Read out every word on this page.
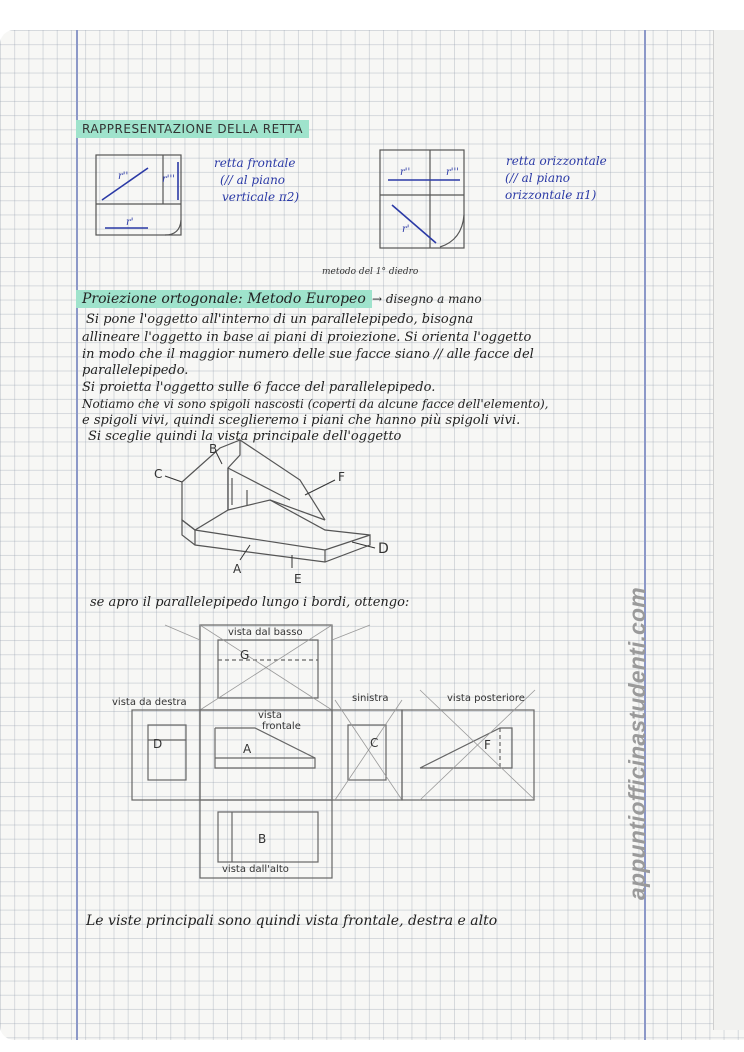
RAPPRESENTAZIONE DELLA RETTA
r''	r'''
r'
retta frontale
(// al piano
verticale π2)
r''	r'''
r'
retta orizzontale
(// al piano
orizzontale π1)
metodo del 1° diedro
Proiezione ortogonale: Metodo Europeo → disegno a mano
Si pone l'oggetto all'interno di un parallelepipedo, bisogna
allineare l'oggetto in base ai piani di proiezione. Si orienta l'oggetto
in modo che il maggior numero delle sue facce siano // alle facce del
parallelepipedo.
Si proietta l'oggetto sulle 6 facce del parallelepipedo.
Notiamo che vi sono spigoli nascosti (coperti da alcune facce dell'elemento),
e spigoli vivi, quindi sceglieremo i piani che hanno più spigoli vivi.
Si sceglie quindi la vista principale dell'oggetto
C
B
F
A
E
D
se apro il parallelepipedo lungo i bordi, ottengo:
vista dal basso
vista da destra
vista
frontale
sinistra	vista posteriore
vista dall'alto
G
D	A	C	F
B
Le viste principali sono quindi vista frontale, destra e alto
appuntiofficinastudenti.com
